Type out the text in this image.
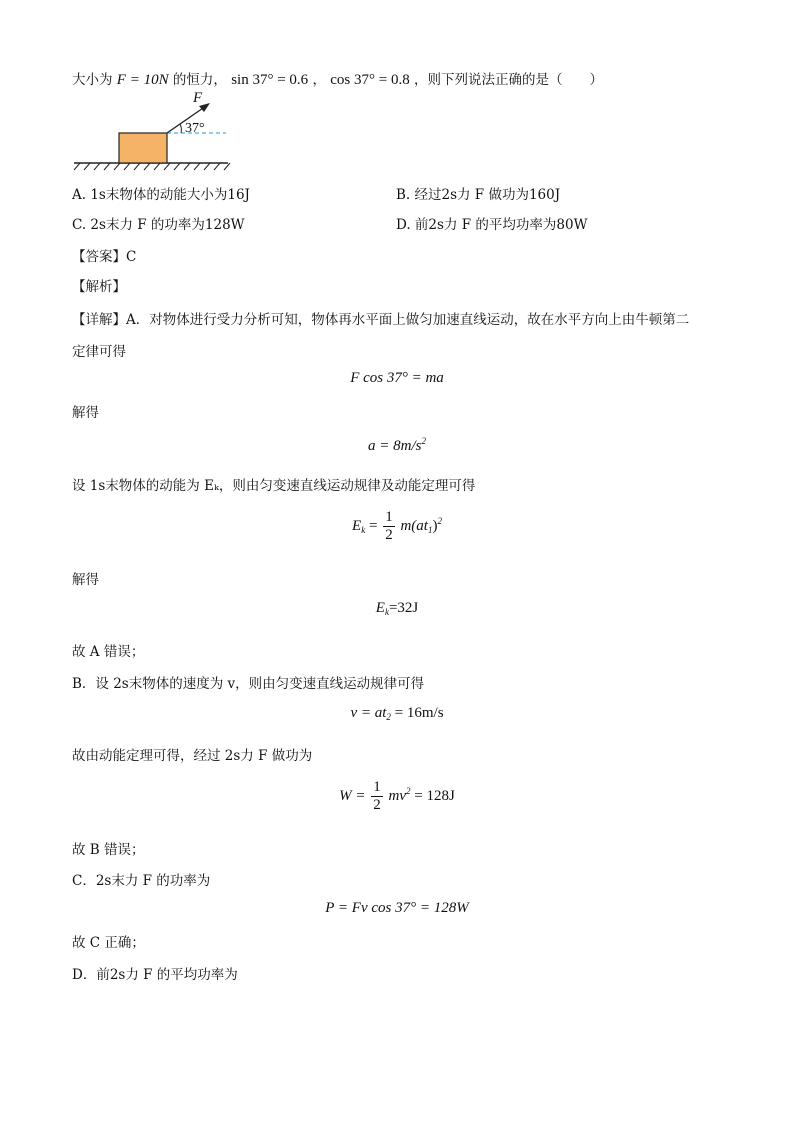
大小为 F = 10N 的恒力， sin 37° = 0.6 ， cos 37° = 0.8 ，则下列说法正确的是（　　）
F
37°
A. 1s末物体的动能大小为16J	B. 经过2s力 F 做功为160J
C. 2s末力 F 的功率为128W	D. 前2s力 F 的平均功率为80W
【答案】C
【解析】
【详解】A．对物体进行受力分析可知，物体再水平面上做匀加速直线运动，故在水平方向上由牛顿第二
定律可得
F cos 37° = ma
解得
$a = 8m/s^2$
设 1s末物体的动能为 Eₖ，则由匀变速直线运动规律及动能定理可得
$E_k = \frac{1}{2} m(at_1)^2$
解得
$E_k=32J$
故 A 错误；
B．设 2s末物体的速度为 v，则由匀变速直线运动规律可得
$v = at_2 = 16m/s$
故由动能定理可得，经过 2s力 F 做功为
$W = \frac{1}{2} mv^2 = 128J$
故 B 错误；
C．2s末力 F 的功率为
P = Fv cos 37° = 128W
故 C 正确；
D．前2s力 F 的平均功率为
